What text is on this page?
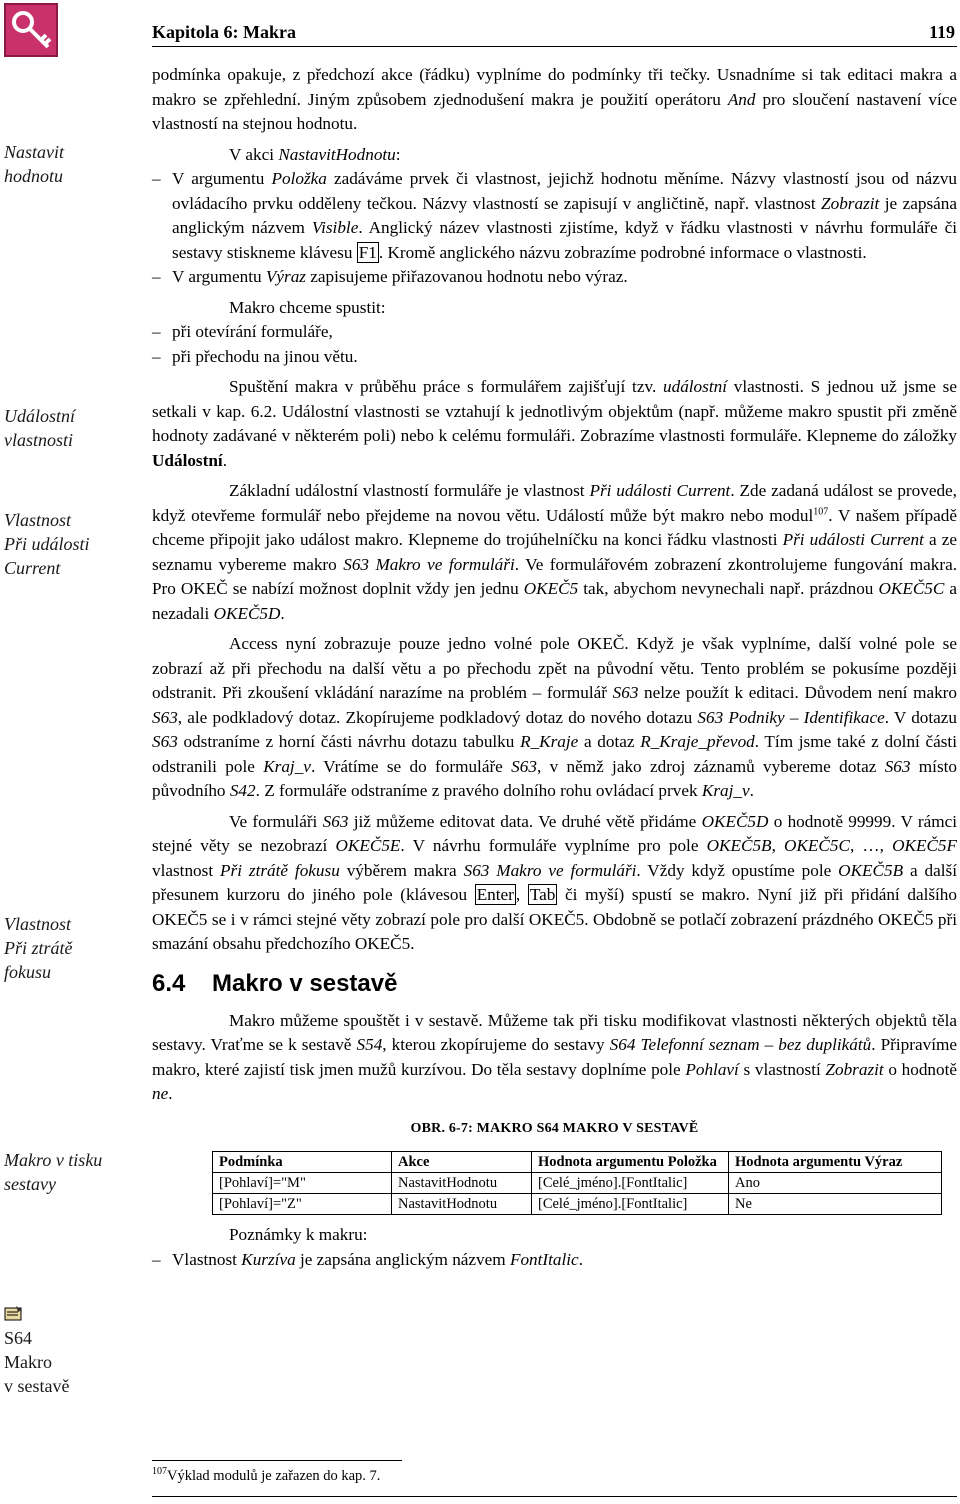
Kapitola 6: Makra	119
Nastavit
hodnotu
Událostní
vlastnosti
Vlastnost
Při události
Current
Vlastnost
Při ztrátě
fokusu
Makro v tisku
sestavy
S64
Makro
v sestavě

podmínka opakuje, z předchozí akce (řádku) vyplníme do podmínky tři tečky. Usnadníme si tak editaci makra a makro se zpřehlední. Jiným způsobem zjednodušení makra je použití operátoru And pro sloučení nastavení více vlastností na stejnou hodnotu.

V akci NastavitHodnotu:

– V argumentu Položka zadáváme prvek či vlastnost, jejichž hodnotu měníme. Názvy vlastností jsou od názvu ovládacího prvku odděleny tečkou. Názvy vlastností se zapisují v angličtině, např. vlastnost Zobrazit je zapsána anglickým názvem Visible. Anglický název vlastnosti zjistíme, když v řádku vlastnosti v návrhu formuláře či sestavy stiskneme klávesu F1 . Kromě anglického názvu zobrazíme podrobné informace o vlastnosti.

– V argumentu Výraz zapisujeme přiřazovanou hodnotu nebo výraz.

Makro chceme spustit:

– při otevírání formuláře,

– při přechodu na jinou větu.

Spuštění makra v průběhu práce s formulářem zajišťují tzv. událostní vlastnosti. S jednou už jsme se setkali v kap. 6.2. Událostní vlastnosti se vztahují k jednotlivým objektům (např. můžeme makro spustit při změně hodnoty zadávané v některém poli) nebo k celému formuláři. Zobrazíme vlastnosti formuláře. Klepneme do záložky Událostní.

Základní událostní vlastností formuláře je vlastnost Při události Current. Zde zadaná událost se provede, když otevřeme formulář nebo přejdeme na novou větu. Událostí může být makro nebo modul$^{107}$. V našem případě chceme připojit jako událost makro. Klepneme do trojúhelníčku na konci řádku vlastnosti Při události Current a ze seznamu vybereme makro S63 Makro ve formuláři. Ve formulářovém zobrazení zkontrolujeme fungování makra. Pro OKEČ se nabízí možnost doplnit vždy jen jednu OKEČ5 tak, abychom nevynechali např. prázdnou OKEČ5C a nezadali OKEČ5D.

Access nyní zobrazuje pouze jedno volné pole OKEČ. Když je však vyplníme, další volné pole se zobrazí až při přechodu na další větu a po přechodu zpět na původní větu. Tento problém se pokusíme později odstranit. Při zkoušení vkládání narazíme na problém – formulář S63 nelze použít k editaci. Důvodem není makro S63, ale podkladový dotaz. Zkopírujeme podkladový dotaz do nového dotazu S63 Podniky – Identifikace. V dotazu S63 odstraníme z horní části návrhu dotazu tabulku R_Kraje a dotaz R_Kraje_převod. Tím jsme také z dolní části odstranili pole Kraj_v. Vrátíme se do formuláře S63, v němž jako zdroj záznamů vybereme dotaz S63 místo původního S42. Z formuláře odstraníme z pravého dolního rohu ovládací prvek Kraj_v.

Ve formuláři S63 již můžeme editovat data. Ve druhé větě přidáme OKEČ5D o hodnotě 99999. V rámci stejné věty se nezobrazí OKEČ5E. V návrhu formuláře vyplníme pro pole OKEČ5B, OKEČ5C, …, OKEČ5F vlastnost Při ztrátě fokusu výběrem makra S63 Makro ve formuláři. Vždy když opustíme pole OKEČ5B a další přesunem kurzoru do jiného pole (klávesou Enter , Tab či myší) spustí se makro. Nyní již při přidání dalšího OKEČ5 se i v rámci stejné věty zobrazí pole pro další OKEČ5. Obdobně se potlačí zobrazení prázdného OKEČ5 při smazání obsahu předchozího OKEČ5.

6.4 Makro v sestavě

Makro můžeme spouštět i v sestavě. Můžeme tak při tisku modifikovat vlastnosti některých objektů těla sestavy. Vraťme se k sestavě S54, kterou zkopírujeme do sestavy S64 Telefonní seznam – bez duplikátů. Připravíme makro, které zajistí tisk jmen mužů kurzívou. Do těla sestavy doplníme pole Pohlaví s vlastností Zobrazit o hodnotě ne.

OBR. 6-7: MAKRO S64 MAKRO V SESTAVĚ
Podmínka	Akce	Hodnota argumentu Položka	Hodnota argumentu Výraz
[Pohlaví]="M"	NastavitHodnotu	[Celé_jméno].[FontItalic]	Ano
[Pohlaví]="Z"	NastavitHodnotu	[Celé_jméno].[FontItalic]	Ne

Poznámky k makru:

– Vlastnost Kurzíva je zapsána anglickým názvem FontItalic.

$^{107}$Výklad modulů je zařazen do kap. 7.
